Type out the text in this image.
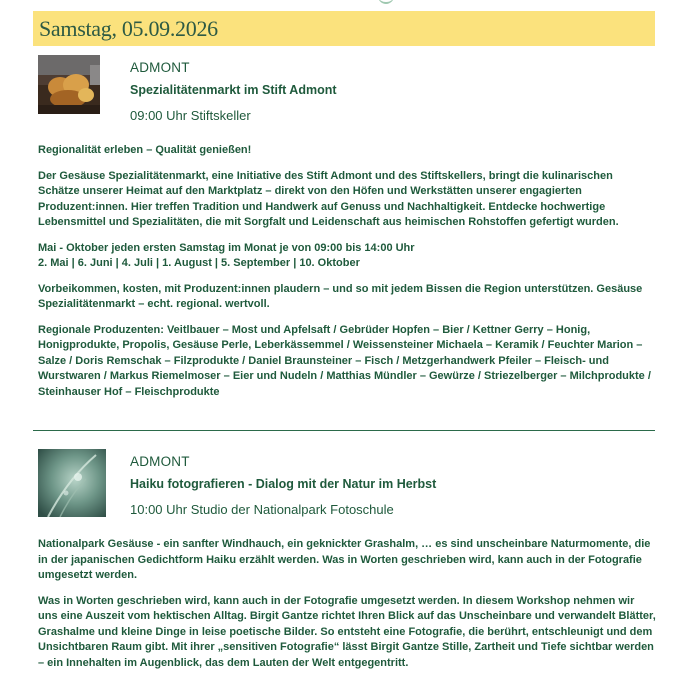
Samstag, 05.09.2026
ADMONT
Spezialitätenmarkt im Stift Admont
09:00 Uhr Stiftskeller

Regionalität erleben – Qualität genießen!

Der Gesäuse Spezialitätenmarkt, eine Initiative des Stift Admont und des Stiftskellers, bringt die kulinarischen Schätze unserer Heimat auf den Marktplatz – direkt von den Höfen und Werkstätten unserer engagierten Produzent:innen. Hier treffen Tradition und Handwerk auf Genuss und Nachhaltigkeit. Entdecke hochwertige Lebensmittel und Spezialitäten, die mit Sorgfalt und Leidenschaft aus heimischen Rohstoffen gefertigt wurden.

Mai - Oktober jeden ersten Samstag im Monat je von 09:00 bis 14:00 Uhr
2. Mai | 6. Juni | 4. Juli | 1. August | 5. September | 10. Oktober

Vorbeikommen, kosten, mit Produzent:innen plaudern – und so mit jedem Bissen die Region unterstützen. Gesäuse Spezialitätenmarkt – echt. regional. wertvoll.

Regionale Produzenten: Veitlbauer – Most und Apfelsaft / Gebrüder Hopfen – Bier / Kettner Gerry – Honig, Honigprodukte, Propolis, Gesäuse Perle, Leberkässemmel / Weissensteiner Michaela – Keramik / Feuchter Marion – Salze / Doris Remschak – Filzprodukte / Daniel Braunsteiner – Fisch / Metzgerhandwerk Pfeiler – Fleisch- und Wurstwaren / Markus Riemelmoser – Eier und Nudeln / Matthias Mündler – Gewürze / Striezelberger – Milchprodukte / Steinhauser Hof – Fleischprodukte

ADMONT
Haiku fotografieren - Dialog mit der Natur im Herbst
10:00 Uhr Studio der Nationalpark Fotoschule

Nationalpark Gesäuse - ein sanfter Windhauch, ein geknickter Grashalm, … es sind unscheinbare Naturmomente, die in der japanischen Gedichtform Haiku erzählt werden. Was in Worten geschrieben wird, kann auch in der Fotografie umgesetzt werden.

Was in Worten geschrieben wird, kann auch in der Fotografie umgesetzt werden. In diesem Workshop nehmen wir uns eine Auszeit vom hektischen Alltag. Birgit Gantze richtet Ihren Blick auf das Unscheinbare und verwandelt Blätter, Grashalme und kleine Dinge in leise poetische Bilder. So entsteht eine Fotografie, die berührt, entschleunigt und dem Unsichtbaren Raum gibt. Mit ihrer „sensitiven Fotografie“ lässt Birgit Gantze Stille, Zartheit und Tiefe sichtbar werden – ein Innehalten im Augenblick, das dem Lauten der Welt entgegentritt.
